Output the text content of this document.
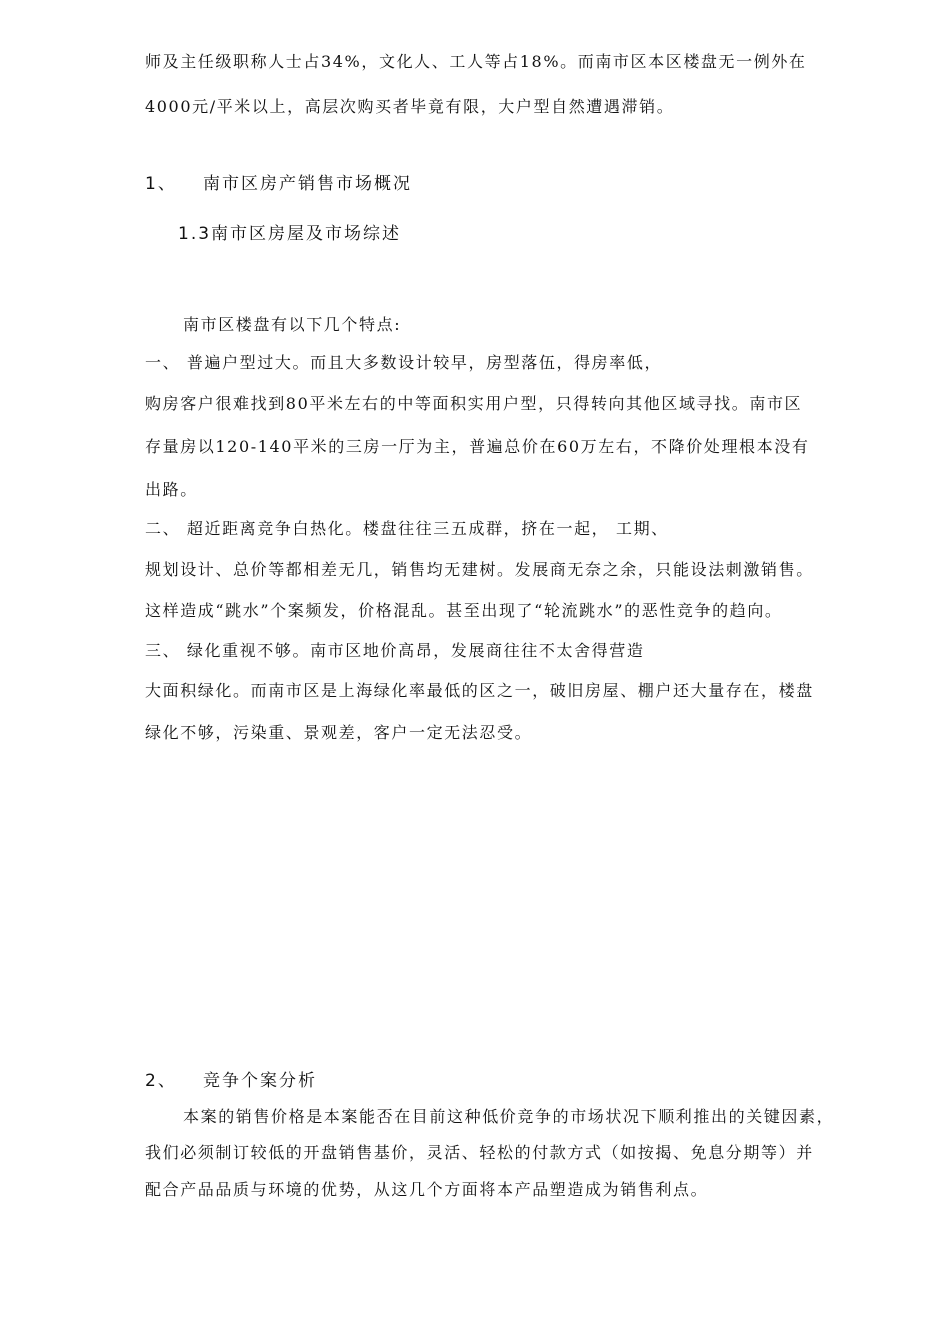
师及主任级职称人士占34%，文化人、工人等占18%。而南市区本区楼盘无一例外在
4000元/平米以上，高层次购买者毕竟有限，大户型自然遭遇滞销。
1、 南市区房产销售市场概况
1.3南市区房屋及市场综述
南市区楼盘有以下几个特点:
一、 普遍户型过大。而且大多数设计较早，房型落伍，得房率低，
购房客户很难找到80平米左右的中等面积实用户型，只得转向其他区域寻找。南市区
存量房以120-140平米的三房一厅为主，普遍总价在60万左右，不降价处理根本没有
出路。
二、 超近距离竞争白热化。楼盘往往三五成群，挤在一起， 工期、
规划设计、总价等都相差无几，销售均无建树。发展商无奈之余，只能设法刺激销售。
这样造成“跳水”个案频发，价格混乱。甚至出现了“轮流跳水”的恶性竞争的趋向。
三、 绿化重视不够。南市区地价高昂，发展商往往不太舍得营造
大面积绿化。而南市区是上海绿化率最低的区之一，破旧房屋、棚户还大量存在，楼盘
绿化不够，污染重、景观差，客户一定无法忍受。
2、 竞争个案分析
本案的销售价格是本案能否在目前这种低价竞争的市场状况下顺利推出的关键因素，
我们必须制订较低的开盘销售基价，灵活、轻松的付款方式（如按揭、免息分期等）并
配合产品品质与环境的优势，从这几个方面将本产品塑造成为销售利点。
